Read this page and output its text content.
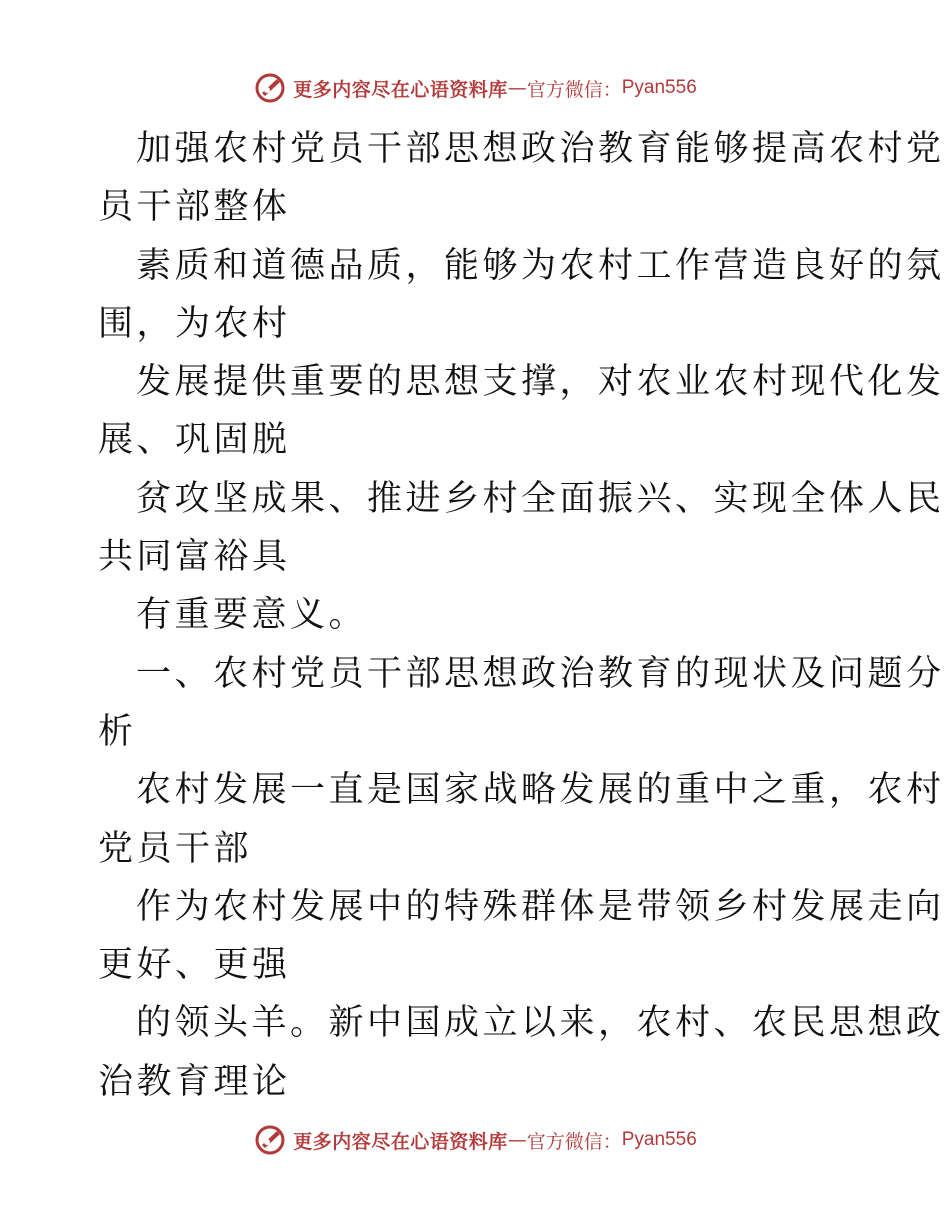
更多内容尽在心语资料库 — 官方微信： Pyan556
加强农村党员干部思想政治教育能够提高农村党
员干部整体
素质和道德品质，能够为农村工作营造良好的氛
围，为农村
发展提供重要的思想支撑，对农业农村现代化发
展、巩固脱
贫攻坚成果、推进乡村全面振兴、实现全体人民
共同富裕具
有重要意义。
一、农村党员干部思想政治教育的现状及问题分
析
农村发展一直是国家战略发展的重中之重，农村
党员干部
作为农村发展中的特殊群体是带领乡村发展走向
更好、更强
的领头羊。新中国成立以来，农村、农民思想政
治教育理论
更多内容尽在心语资料库 — 官方微信： Pyan556
